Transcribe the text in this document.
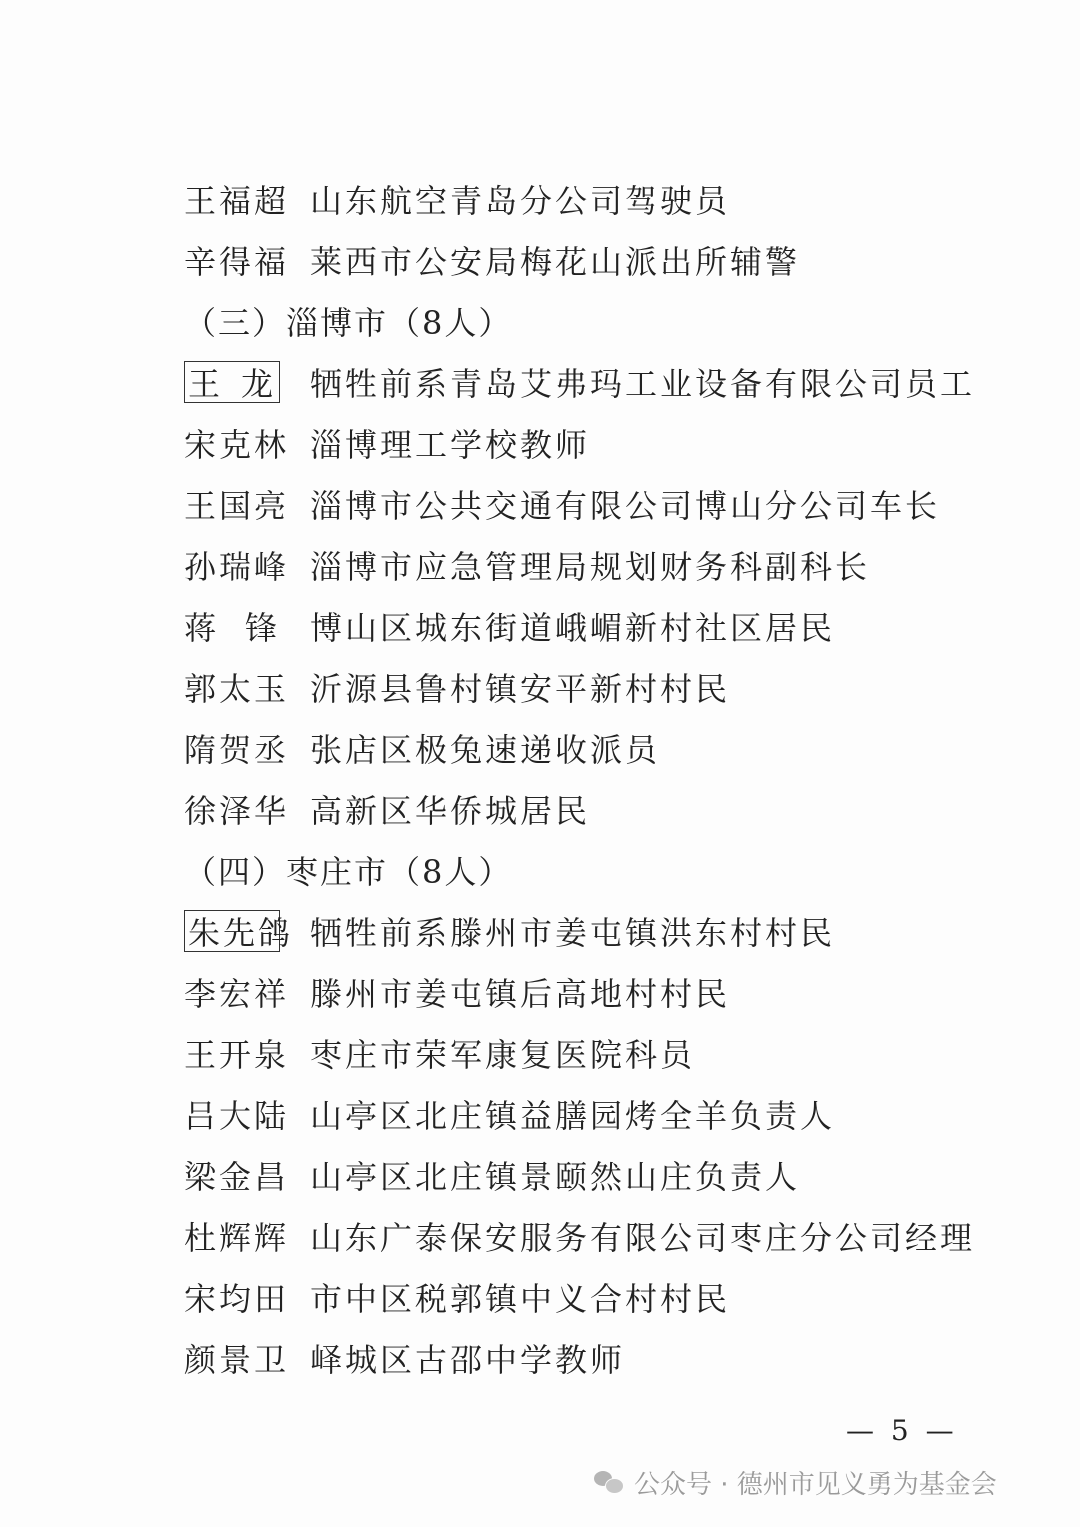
王 福 超 山东航空青岛分公司驾驶员
辛 得 福 莱西市公安局梅花山派出所辅警
（三）淄博市（8人）
王 龙 牺牲前系青岛艾弗玛工业设备有限公司员工
宋 克 林 淄博理工学校教师
王 国 亮 淄博市公共交通有限公司博山分公司车长
孙 瑞 峰 淄博市应急管理局规划财务科副科长
蒋 锋 博山区城东街道峨嵋新村社区居民
郭 太 玉 沂源县鲁村镇安平新村村民
隋 贺 丞 张店区极兔速递收派员
徐 泽 华 高新区华侨城居民
（四）枣庄市（8人）
朱 先 鸽 牺牲前系滕州市姜屯镇洪东村村民
李 宏 祥 滕州市姜屯镇后高地村村民
王 开 泉 枣庄市荣军康复医院科员
吕 大 陆 山亭区北庄镇益膳园烤全羊负责人
梁 金 昌 山亭区北庄镇景颐然山庄负责人
杜 辉 辉 山东广泰保安服务有限公司枣庄分公司经理
宋 均 田 市中区税郭镇中义合村村民
颜 景 卫 峄城区古邵中学教师
— 5 —
公众号 · 德州市见义勇为基金会
